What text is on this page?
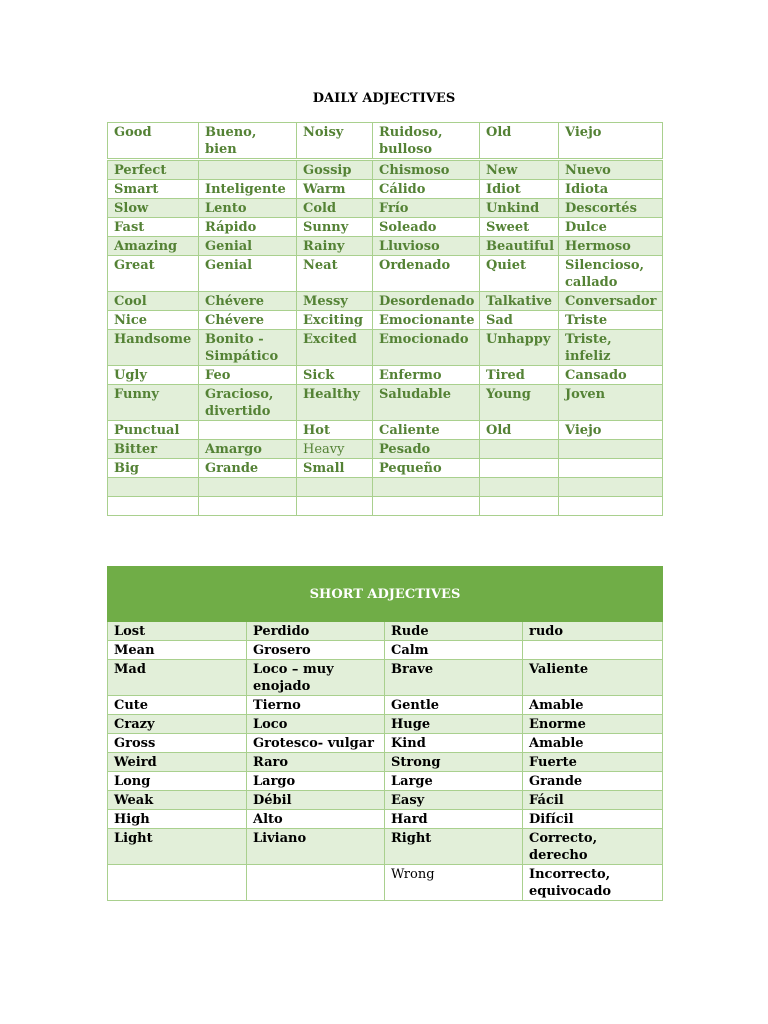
DAILY ADJECTIVES
Good	Bueno, bien	Noisy	Ruidoso, bulloso	Old	Viejo
Perfect		Gossip	Chismoso	New	Nuevo
Smart	Inteligente	Warm	Cálido	Idiot	Idiota
Slow	Lento	Cold	Frío	Unkind	Descortés
Fast	Rápido	Sunny	Soleado	Sweet	Dulce
Amazing	Genial	Rainy	Lluvioso	Beautiful	Hermoso
Great	Genial	Neat	Ordenado	Quiet	Silencioso, callado
Cool	Chévere	Messy	Desordenado	Talkative	Conversador
Nice	Chévere	Exciting	Emocionante	Sad	Triste
Handsome	Bonito - Simpático	Excited	Emocionado	Unhappy	Triste, infeliz
Ugly	Feo	Sick	Enfermo	Tired	Cansado
Funny	Gracioso, divertido	Healthy	Saludable	Young	Joven
Punctual		Hot	Caliente	Old	Viejo
Bitter	Amargo	Heavy	Pesado		
Big	Grande	Small	Pequeño		

SHORT ADJECTIVES			
Lost	Perdido	Rude	rudo
Mean	Grosero	Calm	
Mad	Loco – muy enojado	Brave	Valiente
Cute	Tierno	Gentle	Amable
Crazy	Loco	Huge	Enorme
Gross	Grotesco- vulgar	Kind	Amable
Weird	Raro	Strong	Fuerte
Long	Largo	Large	Grande
Weak	Débil	Easy	Fácil
High	Alto	Hard	Difícil
Light	Liviano	Right	Correcto, derecho
		Wrong	Incorrecto, equivocado
